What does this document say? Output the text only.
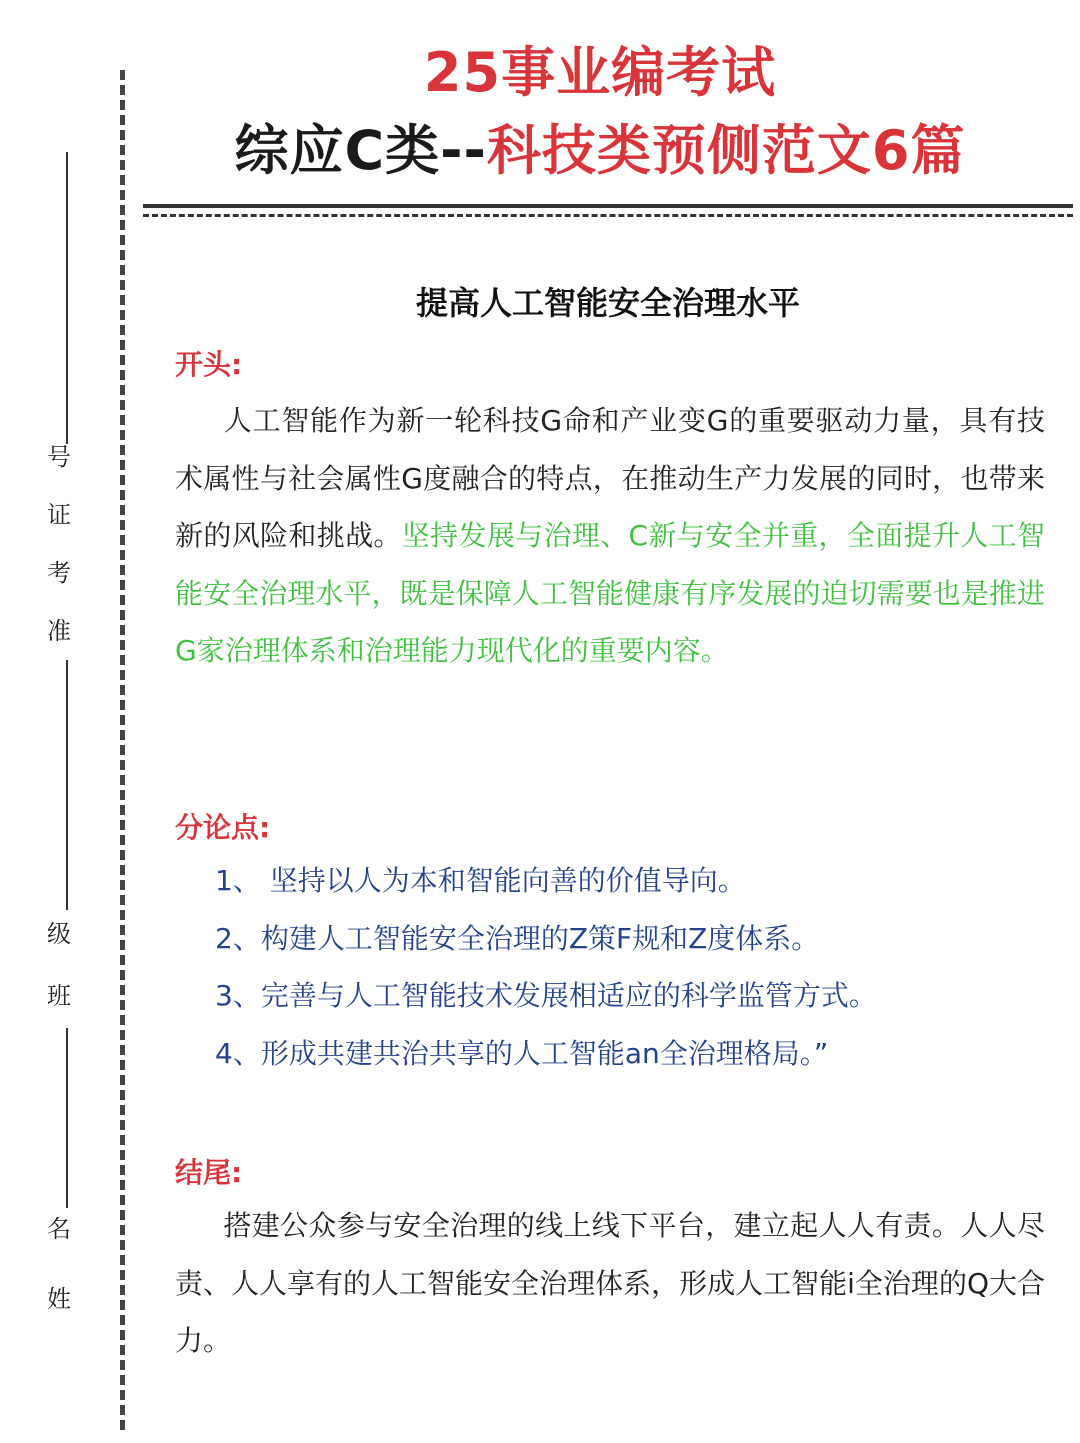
25事业编考试
综应C类--科技类预侧范文6篇
号
证
考
准
级
班
名
姓
提高人工智能安全治理水平
开头:
人工智能作为新一轮科技G命和产业变G的重要驱动力量，具有技术属性与社会属性G度融合的特点，在推动生产力发展的同时，也带来新的风险和挑战。坚持发展与治理、C新与安全并重，全面提升人工智能安全治理水平，既是保障人工智能健康有序发展的迫切需要也是推进G家治理体系和治理能力现代化的重要内容。
分论点:
1、 坚持以人为本和智能向善的价值导向。
2、构建人工智能安全治理的Z策F规和Z度体系。
3、完善与人工智能技术发展相适应的科学监管方式。
4、形成共建共治共享的人工智能an全治理格局。”
结尾:
搭建公众参与安全治理的线上线下平台，建立起人人有责。人人尽责、人人享有的人工智能安全治理体系，形成人工智能i全治理的Q大合力。
